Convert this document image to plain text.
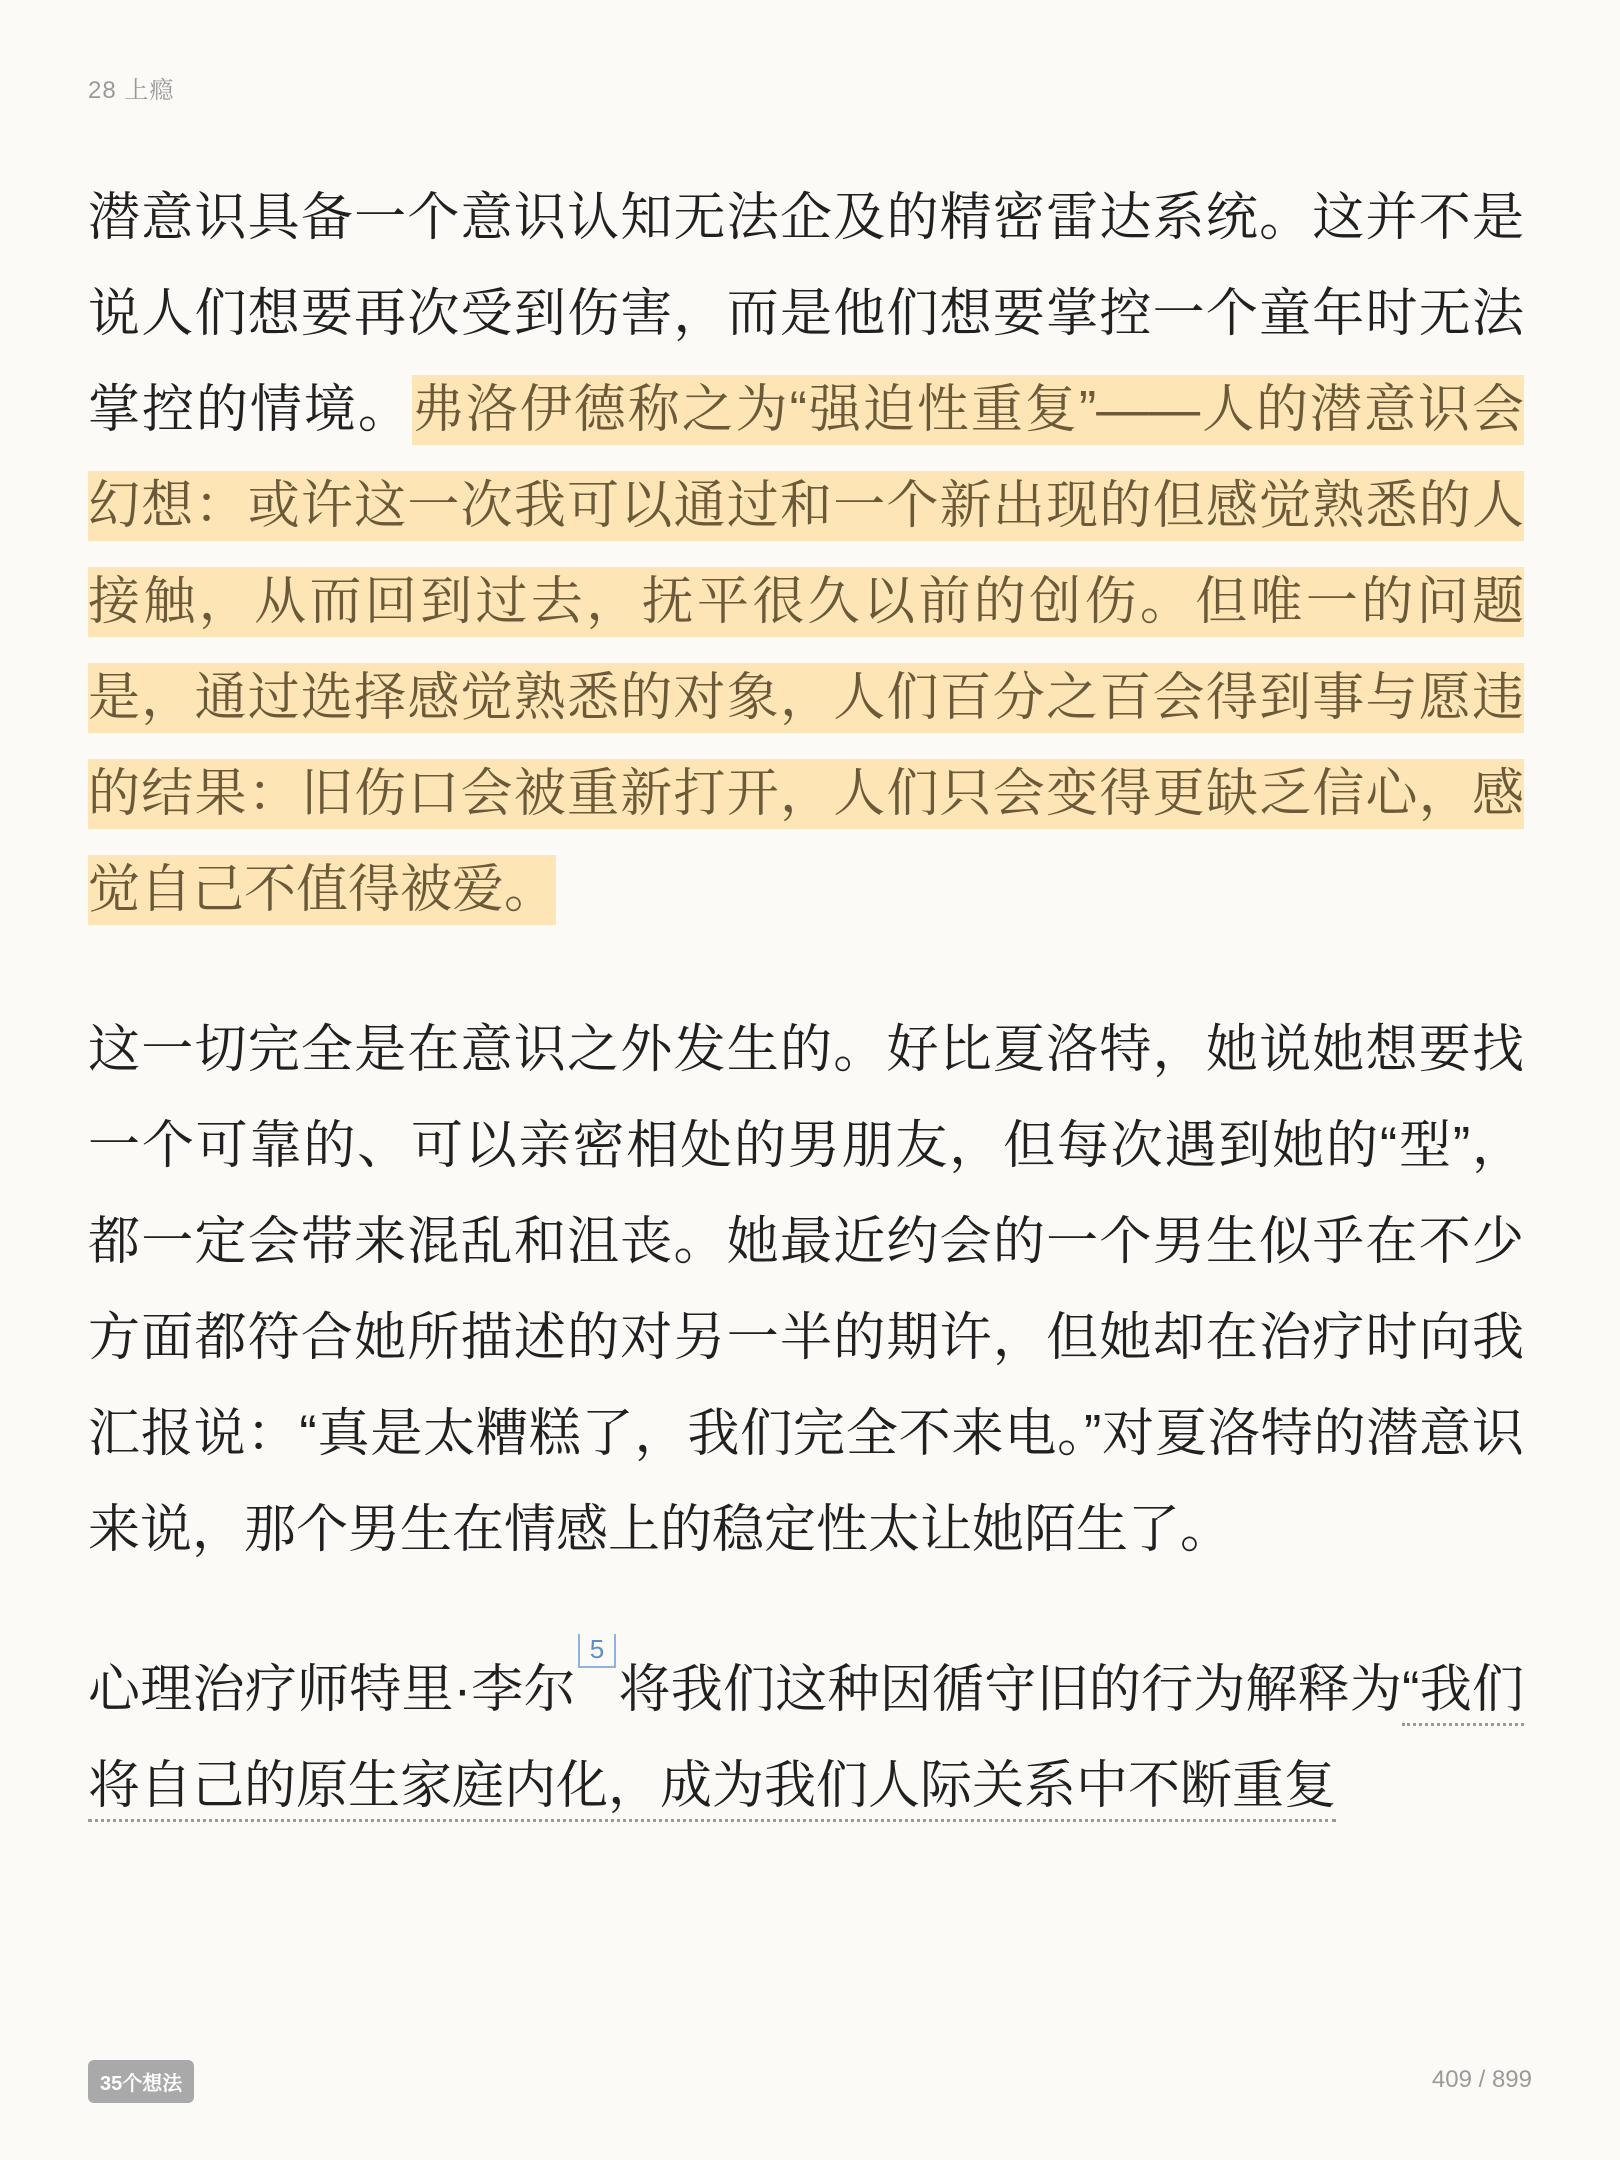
28 上瘾

潜意识具备一个意识认知无法企及的精密雷达系统。这并不是说人们想要再次受到伤害，而是他们想要掌控一个童年时无法掌控的情境。弗洛伊德称之为“强迫性重复”——人的潜意识会幻想：或许这一次我可以通过和一个新出现的但感觉熟悉的人接触，从而回到过去，抚平很久以前的创伤。但唯一的问题是，通过选择感觉熟悉的对象，人们百分之百会得到事与愿违的结果：旧伤口会被重新打开，人们只会变得更缺乏信心，感觉自己不值得被爱。

这一切完全是在意识之外发生的。好比夏洛特，她说她想要找一个可靠的、可以亲密相处的男朋友，但每次遇到她的“型”，都一定会带来混乱和沮丧。她最近约会的一个男生似乎在不少方面都符合她所描述的对另一半的期许，但她却在治疗时向我汇报说：“真是太糟糕了，我们完全不来电。”对夏洛特的潜意识来说，那个男生在情感上的稳定性太让她陌生了。

心理治疗师特里·李尔5将我们这种因循守旧的行为解释为“我们将自己的原生家庭内化，成为我们人际关系中不断重复

35个想法	409 / 899
